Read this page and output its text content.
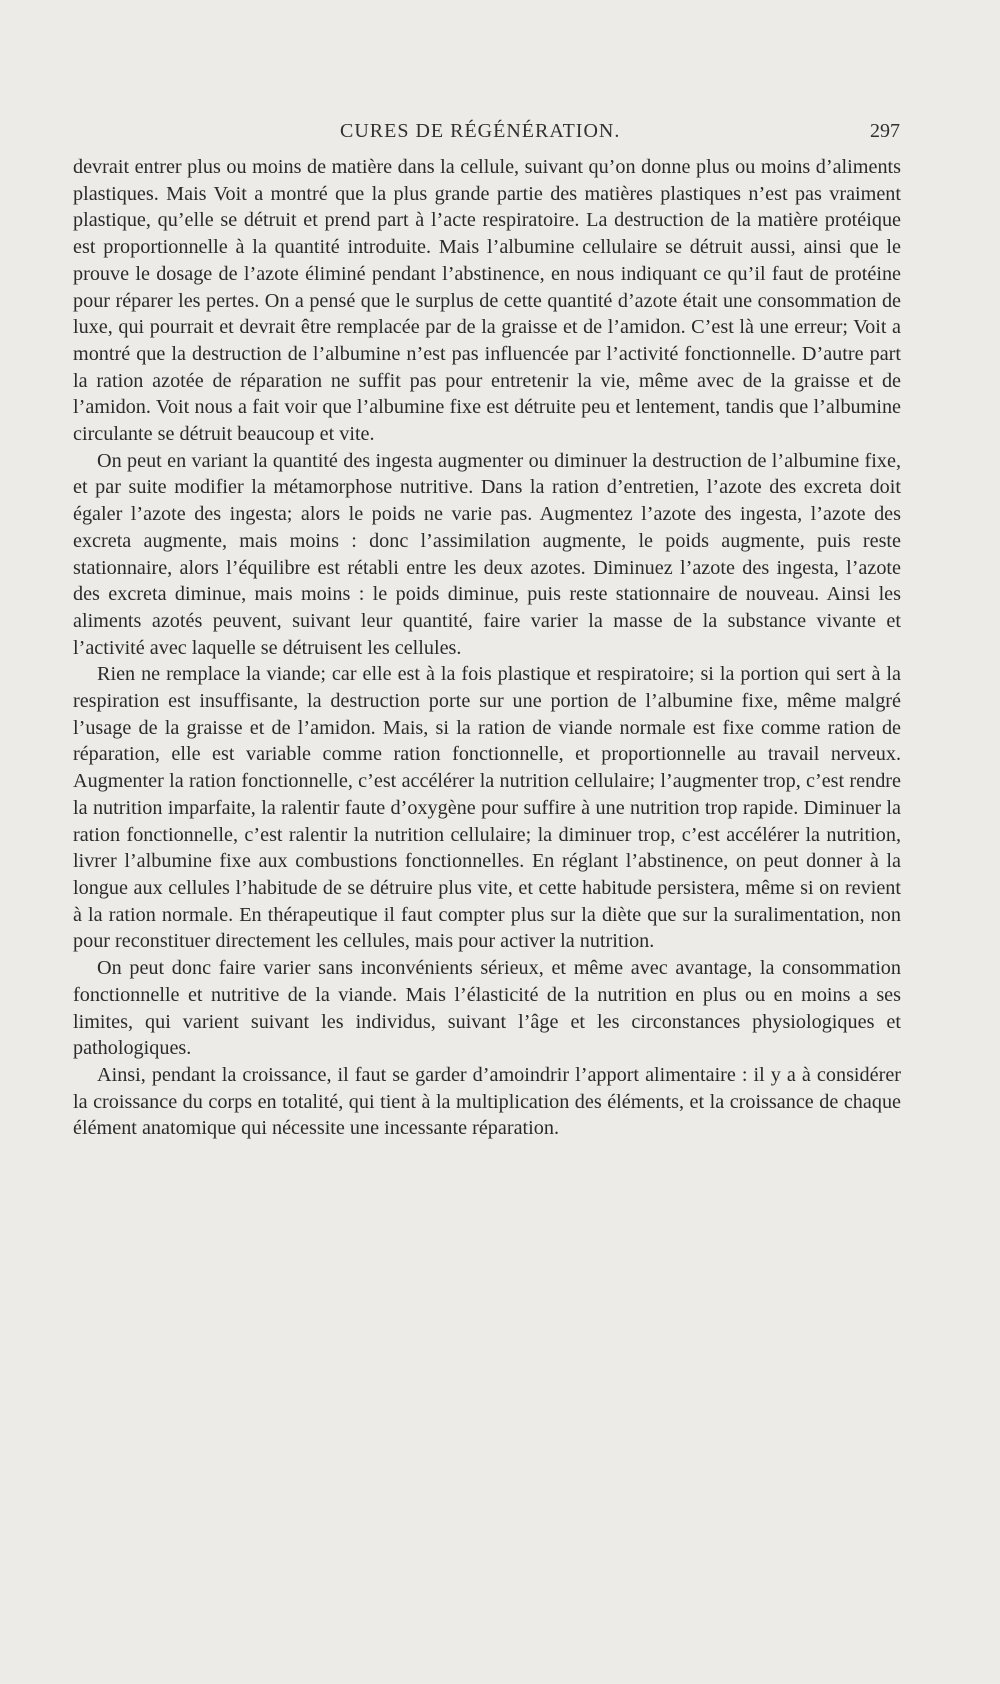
CURES DE RÉGÉNÉRATION.	297

devrait entrer plus ou moins de matière dans la cellule, suivant qu’on donne plus ou moins d’aliments plastiques. Mais Voit a montré que la plus grande partie des matières plastiques n’est pas vraiment plastique, qu’elle se détruit et prend part à l’acte respiratoire. La destruction de la matière protéique est proportionnelle à la quantité introduite. Mais l’albumine cellulaire se détruit aussi, ainsi que le prouve le dosage de l’azote éliminé pendant l’abstinence, en nous indiquant ce qu’il faut de protéine pour réparer les pertes. On a pensé que le surplus de cette quantité d’azote était une consommation de luxe, qui pourrait et devrait être remplacée par de la graisse et de l’amidon. C’est là une erreur; Voit a montré que la destruction de l’albumine n’est pas influencée par l’activité fonctionnelle. D’autre part la ration azotée de réparation ne suffit pas pour entretenir la vie, même avec de la graisse et de l’amidon. Voit nous a fait voir que l’albumine fixe est détruite peu et lentement, tandis que l’albumine circulante se détruit beaucoup et vite.

On peut en variant la quantité des ingesta augmenter ou diminuer la destruction de l’albumine fixe, et par suite modifier la métamorphose nutritive. Dans la ration d’entretien, l’azote des excreta doit égaler l’azote des ingesta; alors le poids ne varie pas. Augmentez l’azote des ingesta, l’azote des excreta augmente, mais moins : donc l’assimilation augmente, le poids augmente, puis reste stationnaire, alors l’équilibre est rétabli entre les deux azotes. Diminuez l’azote des ingesta, l’azote des excreta diminue, mais moins : le poids diminue, puis reste stationnaire de nouveau. Ainsi les aliments azotés peuvent, suivant leur quantité, faire varier la masse de la substance vivante et l’activité avec laquelle se détruisent les cellules.

Rien ne remplace la viande; car elle est à la fois plastique et respiratoire; si la portion qui sert à la respiration est insuffisante, la destruction porte sur une portion de l’albumine fixe, même malgré l’usage de la graisse et de l’amidon. Mais, si la ration de viande normale est fixe comme ration de réparation, elle est variable comme ration fonctionnelle, et proportionnelle au travail nerveux. Augmenter la ration fonctionnelle, c’est accélérer la nutrition cellulaire; l’augmenter trop, c’est rendre la nutrition imparfaite, la ralentir faute d’oxygène pour suffire à une nutrition trop rapide. Diminuer la ration fonctionnelle, c’est ralentir la nutrition cellulaire; la diminuer trop, c’est accélérer la nutrition, livrer l’albumine fixe aux combustions fonctionnelles. En réglant l’abstinence, on peut donner à la longue aux cellules l’habitude de se détruire plus vite, et cette habitude persistera, même si on revient à la ration normale. En thérapeutique il faut compter plus sur la diète que sur la suralimentation, non pour reconstituer directement les cellules, mais pour activer la nutrition.

On peut donc faire varier sans inconvénients sérieux, et même avec avantage, la consommation fonctionnelle et nutritive de la viande. Mais l’élasticité de la nutrition en plus ou en moins a ses limites, qui varient suivant les individus, suivant l’âge et les circonstances physiologiques et pathologiques.

Ainsi, pendant la croissance, il faut se garder d’amoindrir l’apport alimentaire : il y a à considérer la croissance du corps en totalité, qui tient à la multiplication des éléments, et la croissance de chaque élément anatomique qui nécessite une incessante réparation.
